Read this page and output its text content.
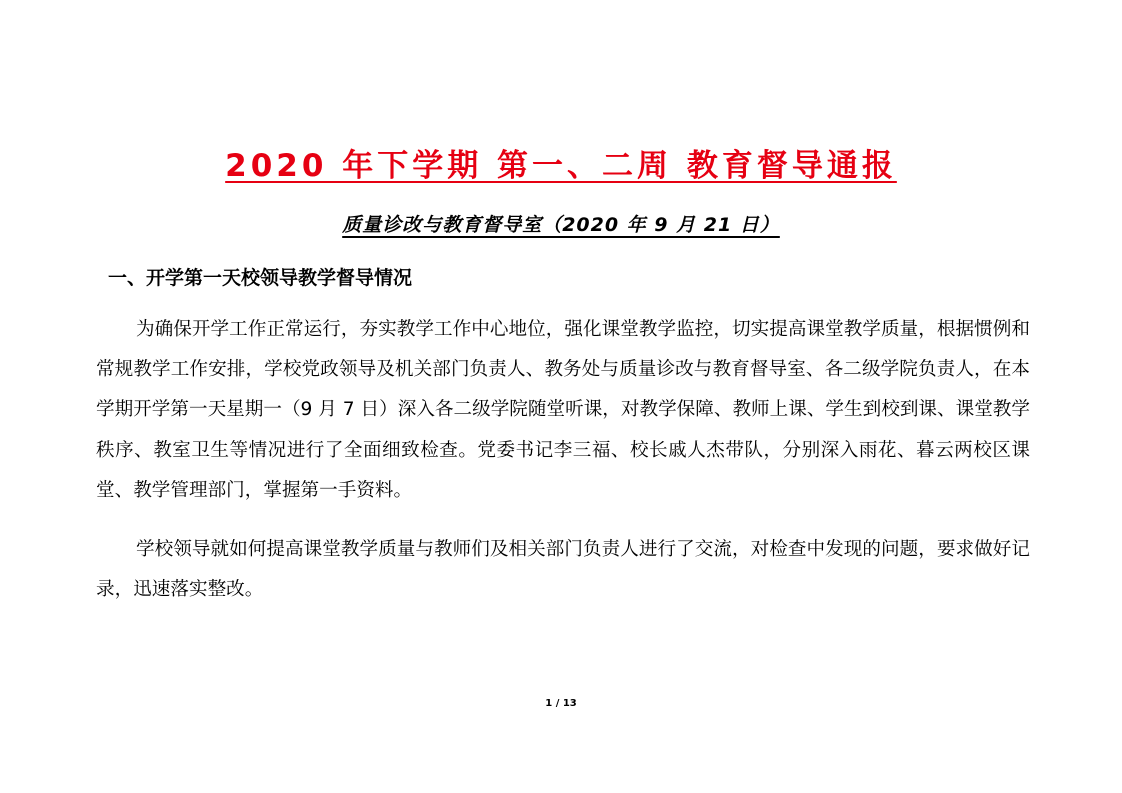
2020 年下学期 第一、二周 教育督导通报
质量诊改与教育督导室（2020 年 9 月 21 日）
一、开学第一天校领导教学督导情况

为确保开学工作正常运行，夯实教学工作中心地位，强化课堂教学监控，切实提高课堂教学质量，根据惯例和常规教学工作安排，学校党政领导及机关部门负责人、教务处与质量诊改与教育督导室、各二级学院负责人，在本学期开学第一天星期一（9 月 7 日）深入各二级学院随堂听课，对教学保障、教师上课、学生到校到课、课堂教学秩序、教室卫生等情况进行了全面细致检查。党委书记李三福、校长戚人杰带队，分别深入雨花、暮云两校区课堂、教学管理部门，掌握第一手资料。

学校领导就如何提高课堂教学质量与教师们及相关部门负责人进行了交流，对检查中发现的问题，要求做好记录，迅速落实整改。

1 / 13
